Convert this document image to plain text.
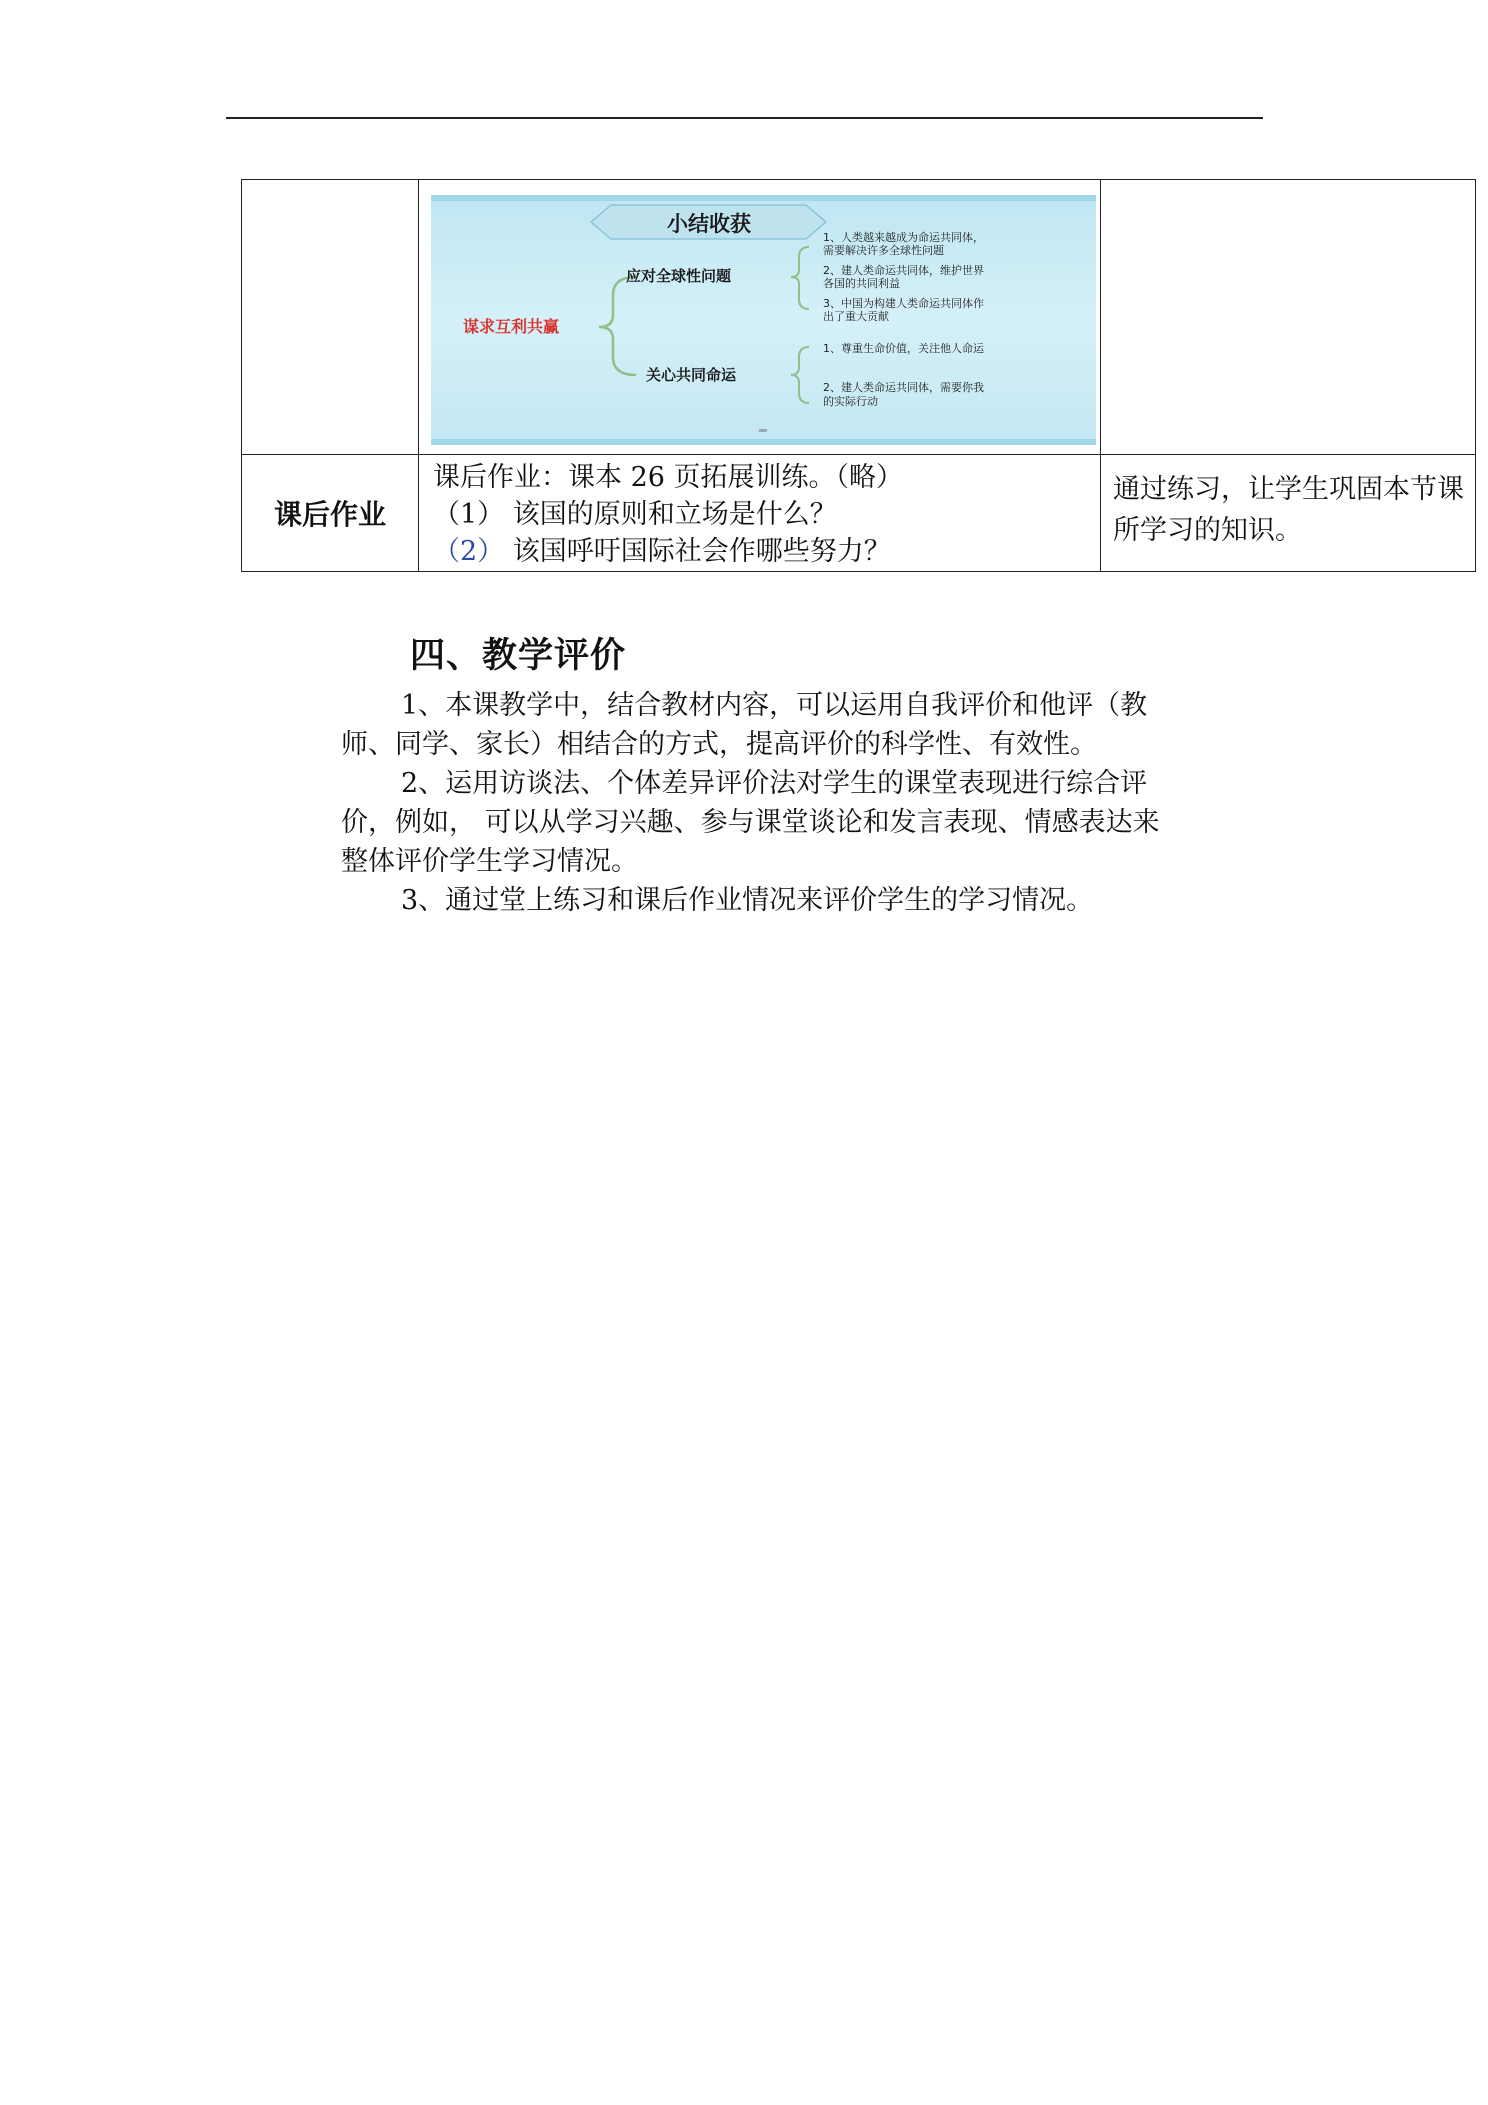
小结收获
谋求互利共赢
应对全球性问题
关心共同命运
1、人类越来越成为命运共同体， 需要解决许多全球性问题 2、建人类命运共同体，维护世界 各国的共同利益 3、中国为构建人类命运共同体作 出了重大贡献 1、尊重生命价值，关注他人命运 2、建人类命运共同体，需要你我 的实际行动	

课后作业	课后作业：课本 26 页拓展训练。（略）
（1） 该国的原则和立场是什么？
（2） 该国呼吁国际社会作哪些努力？	通过练习，让学生巩固本节课所学习的知识。
四、教学评价

1、本课教学中，结合教材内容，可以运用自我评价和他评（教师、同学、家长）相结合的方式，提高评价的科学性、有效性。

2、运用访谈法、个体差异评价法对学生的课堂表现进行综合评价，例如， 可以从学习兴趣、参与课堂谈论和发言表现、情感表达来整体评价学生学习情况。

3、通过堂上练习和课后作业情况来评价学生的学习情况。
